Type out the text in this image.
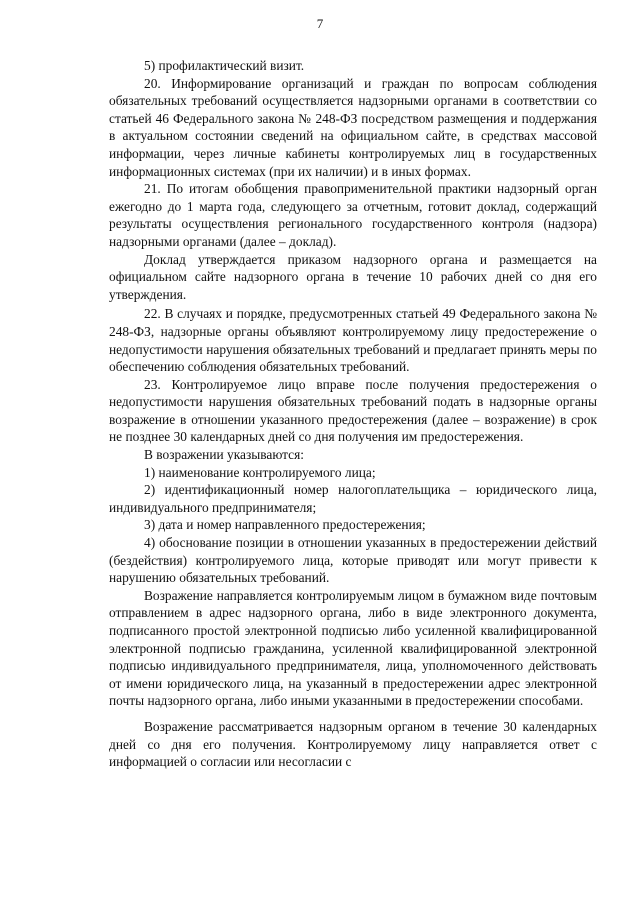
7

5) профилактический визит.

20. Информирование организаций и граждан по вопросам соблюдения обязательных требований осуществляется надзорными органами в соответствии со статьей 46 Федерального закона № 248-ФЗ посредством размещения и поддержания в актуальном состоянии сведений на официальном сайте, в средствах массовой информации, через личные кабинеты контролируемых лиц в государственных информационных системах (при их наличии) и в иных формах.

21. По итогам обобщения правоприменительной практики надзорный орган ежегодно до 1 марта года, следующего за отчетным, готовит доклад, содержащий результаты осуществления регионального государственного контроля (надзора) надзорными органами (далее – доклад).

Доклад утверждается приказом надзорного органа и размещается на официальном сайте надзорного органа в течение 10 рабочих дней со дня его утверждения.

22. В случаях и порядке, предусмотренных статьей 49 Федерального закона № 248-ФЗ, надзорные органы объявляют контролируемому лицу предостережение о недопустимости нарушения обязательных требований и предлагает принять меры по обеспечению соблюдения обязательных требований.

23. Контролируемое лицо вправе после получения предостережения о недопустимости нарушения обязательных требований подать в надзорные органы возражение в отношении указанного предостережения (далее – возражение) в срок не позднее 30 календарных дней со дня получения им предостережения.

В возражении указываются:

1) наименование контролируемого лица;

2) идентификационный номер налогоплательщика – юридического лица, индивидуального предпринимателя;

3) дата и номер направленного предостережения;

4) обоснование позиции в отношении указанных в предостережении действий (бездействия) контролируемого лица, которые приводят или могут привести к нарушению обязательных требований.

Возражение направляется контролируемым лицом в бумажном виде почтовым отправлением в адрес надзорного органа, либо в виде электронного документа, подписанного простой электронной подписью либо усиленной квалифицированной электронной подписью гражданина, усиленной квалифицированной электронной подписью индивидуального предпринимателя, лица, уполномоченного действовать от имени юридического лица, на указанный в предостережении адрес электронной почты надзорного органа, либо иными указанными в предостережении способами.

Возражение рассматривается надзорным органом в течение 30 календарных дней со дня его получения. Контролируемому лицу направляется ответ с информацией о согласии или несогласии с
